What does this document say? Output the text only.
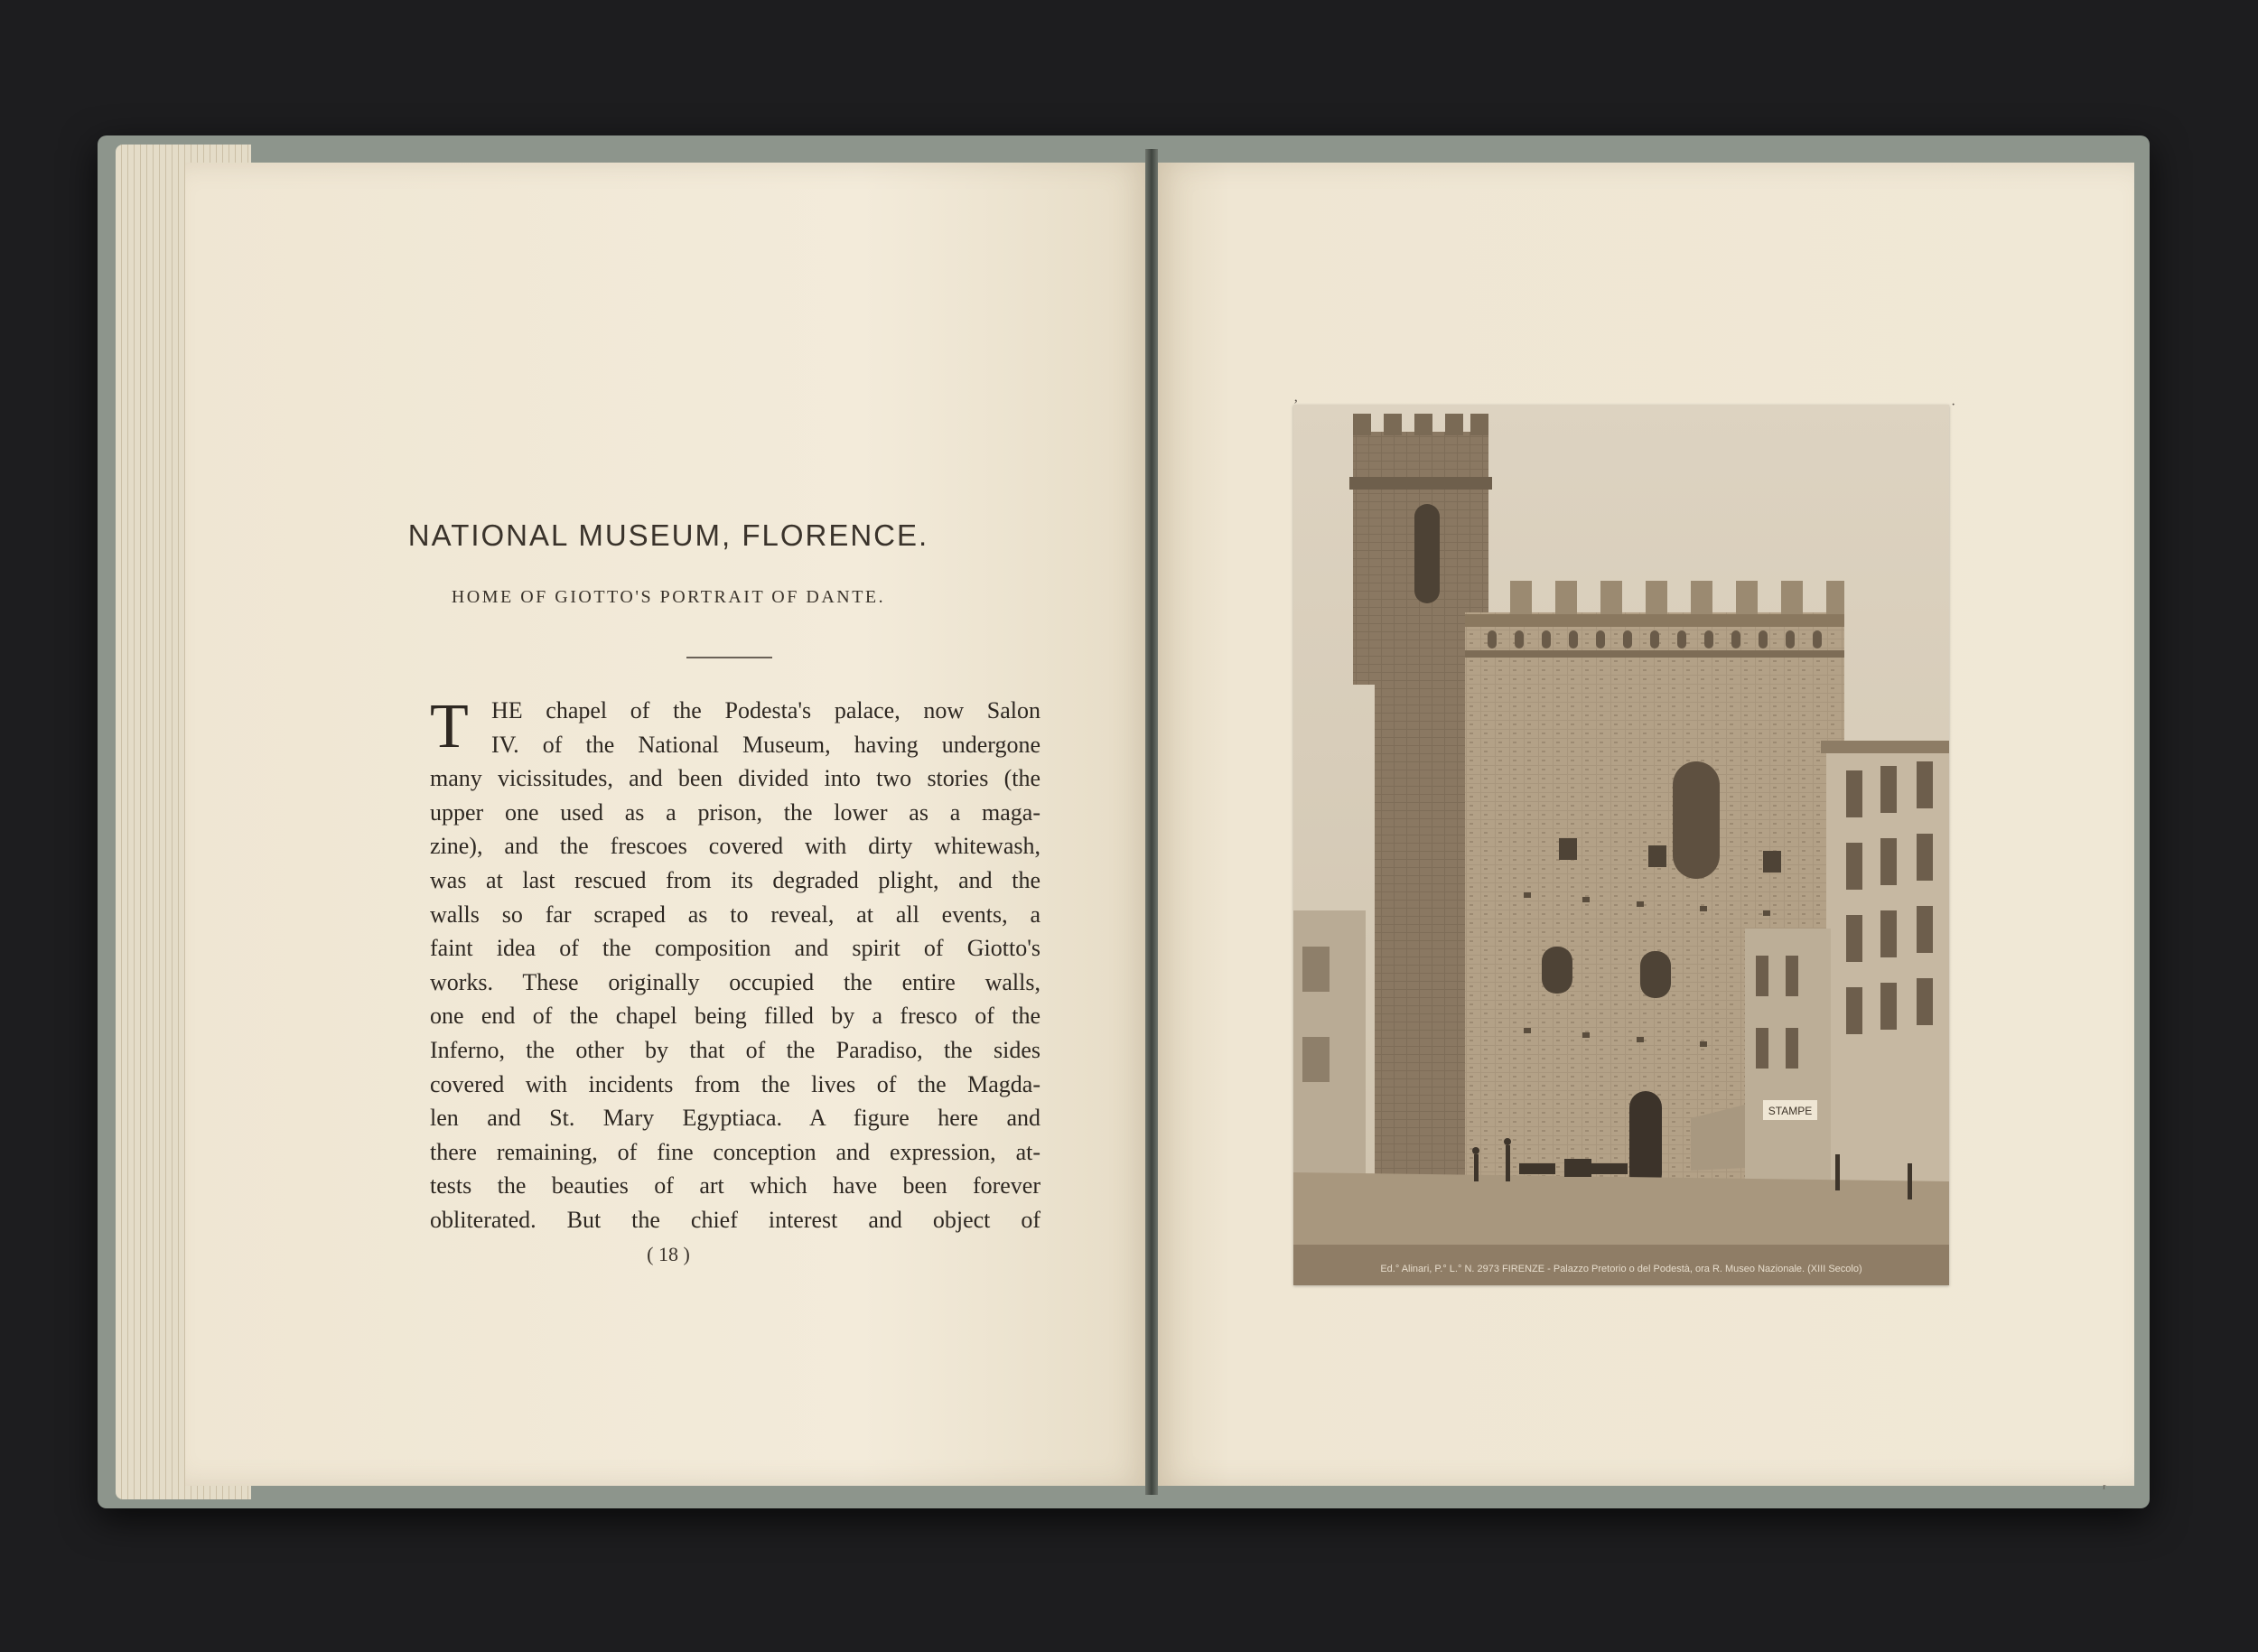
NATIONAL MUSEUM, FLORENCE.
HOME OF GIOTTO'S PORTRAIT OF DANTE.
T HE chapel of the Podesta's palace, now Salon
IV. of the National Museum, having undergone
many vicissitudes, and been divided into two stories (the
upper one used as a prison, the lower as a maga-
zine), and the frescoes covered with dirty whitewash,
was at last rescued from its degraded plight, and the
walls so far scraped as to reveal, at all events, a
faint idea of the composition and spirit of Giotto's
works. These originally occupied the entire walls,
one end of the chapel being filled by a fresco of the
Inferno, the other by that of the Paradiso, the sides
covered with incidents from the lives of the Magda-
len and St. Mary Egyptiaca. A figure here and
there remaining, of fine conception and expression, at-
tests the beauties of art which have been forever
obliterated. But the chief interest and object of
( 18 )
·
ʳ
STAMPE
Ed.° Alinari, P.° L.° N. 2973 FIRENZE - Palazzo Pretorio o del Podestà, ora R. Museo Nazionale. (XIII Secolo)
